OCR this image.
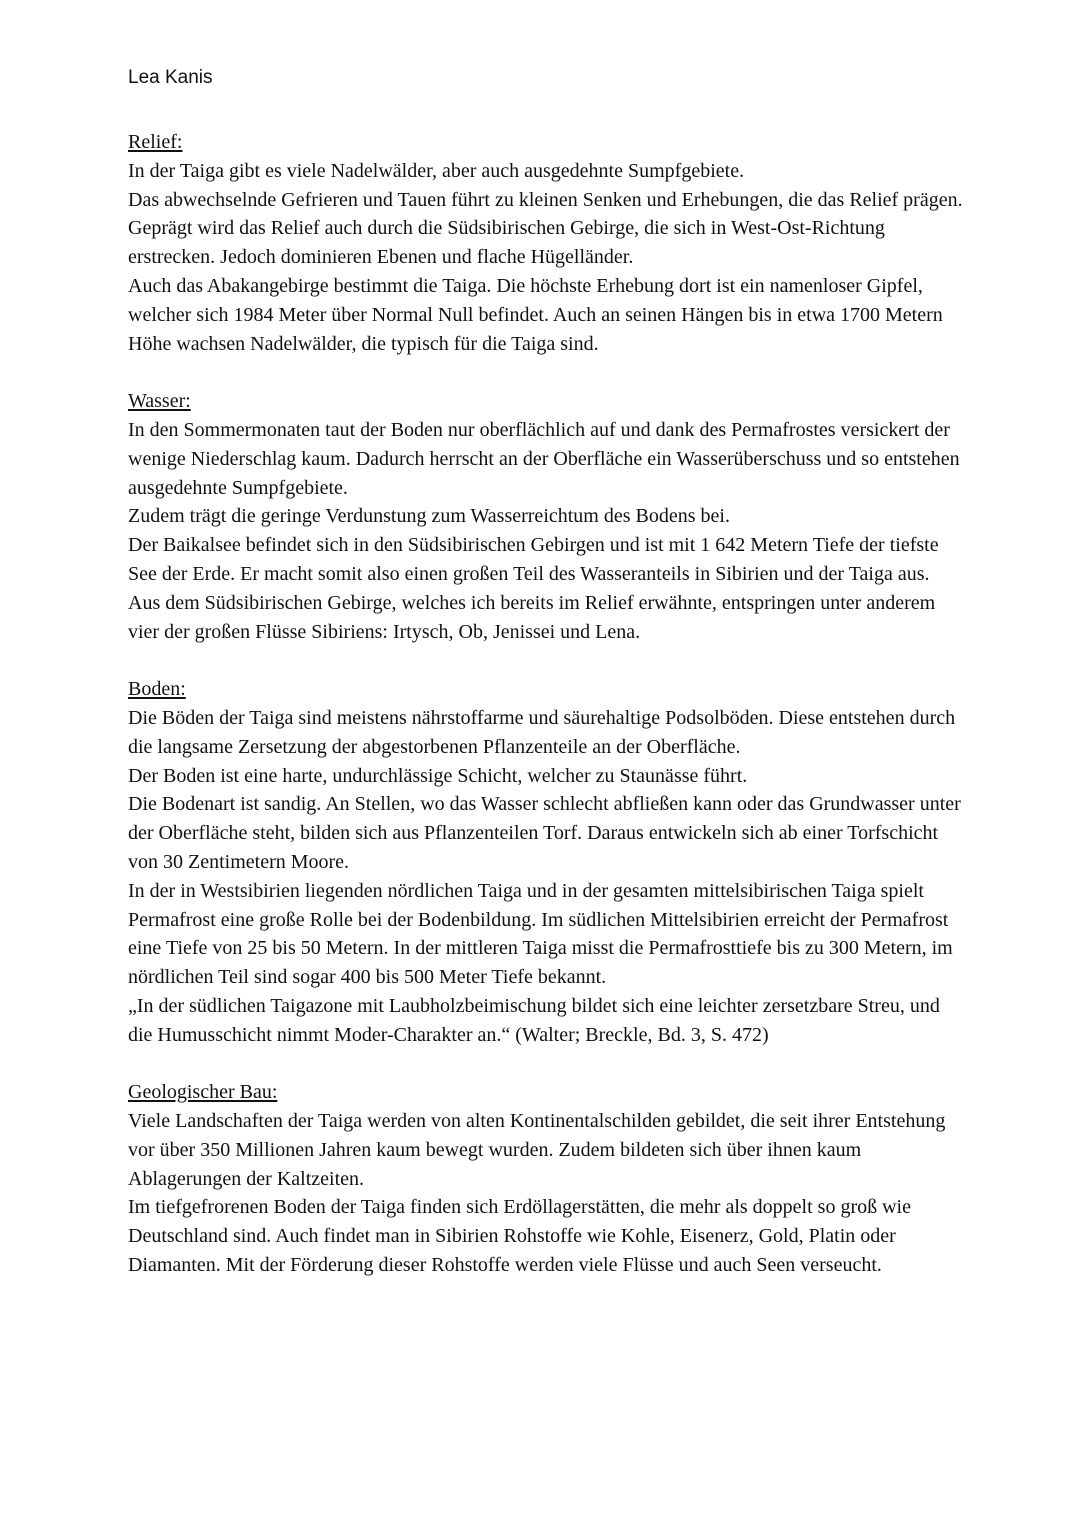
Lea Kanis
Relief:
In der Taiga gibt es viele Nadelwälder, aber auch ausgedehnte Sumpfgebiete.
Das abwechselnde Gefrieren und Tauen führt zu kleinen Senken und Erhebungen, die das Relief prägen.
Geprägt wird das Relief auch durch die Südsibirischen Gebirge, die sich in West-Ost-Richtung erstrecken. Jedoch dominieren Ebenen und flache Hügelländer.
Auch das Abakangebirge bestimmt die Taiga. Die höchste Erhebung dort ist ein namenloser Gipfel, welcher sich 1984 Meter über Normal Null befindet. Auch an seinen Hängen bis in etwa 1700 Metern Höhe wachsen Nadelwälder, die typisch für die Taiga sind.
Wasser:
In den Sommermonaten taut der Boden nur oberflächlich auf und dank des Permafrostes versickert der wenige Niederschlag kaum. Dadurch herrscht an der Oberfläche ein Wasserüberschuss und so entstehen ausgedehnte Sumpfgebiete.
Zudem trägt die geringe Verdunstung zum Wasserreichtum des Bodens bei.
Der Baikalsee befindet sich in den Südsibirischen Gebirgen und ist mit 1 642 Metern Tiefe der tiefste See der Erde. Er macht somit also einen großen Teil des Wasseranteils in Sibirien und der Taiga aus.
Aus dem Südsibirischen Gebirge, welches ich bereits im Relief erwähnte, entspringen unter anderem vier der großen Flüsse Sibiriens: Irtysch, Ob, Jenissei und Lena.
Boden:
Die Böden der Taiga sind meistens nährstoffarme und säurehaltige Podsolböden. Diese entstehen durch die langsame Zersetzung der abgestorbenen Pflanzenteile an der Oberfläche.
Der Boden ist eine harte, undurchlässige Schicht, welcher zu Staunässe führt.
Die Bodenart ist sandig. An Stellen, wo das Wasser schlecht abfließen kann oder das Grundwasser unter der Oberfläche steht, bilden sich aus Pflanzenteilen Torf. Daraus entwickeln sich ab einer Torfschicht von 30 Zentimetern Moore.
In der in Westsibirien liegenden nördlichen Taiga und in der gesamten mittelsibirischen Taiga spielt Permafrost eine große Rolle bei der Bodenbildung. Im südlichen Mittelsibirien erreicht der Permafrost eine Tiefe von 25 bis 50 Metern. In der mittleren Taiga misst die Permafrosttiefe bis zu 300 Metern, im nördlichen Teil sind sogar 400 bis 500 Meter Tiefe bekannt.
„In der südlichen Taigazone mit Laubholzbeimischung bildet sich eine leichter zersetzbare Streu, und die Humusschicht nimmt Moder-Charakter an.“ (Walter; Breckle, Bd. 3, S. 472)
Geologischer Bau:
Viele Landschaften der Taiga werden von alten Kontinentalschilden gebildet, die seit ihrer Entstehung vor über 350 Millionen Jahren kaum bewegt wurden. Zudem bildeten sich über ihnen kaum Ablagerungen der Kaltzeiten.
Im tiefgefrorenen Boden der Taiga finden sich Erdöllagerstätten, die mehr als doppelt so groß wie Deutschland sind. Auch findet man in Sibirien Rohstoffe wie Kohle, Eisenerz, Gold, Platin oder Diamanten. Mit der Förderung dieser Rohstoffe werden viele Flüsse und auch Seen verseucht.
